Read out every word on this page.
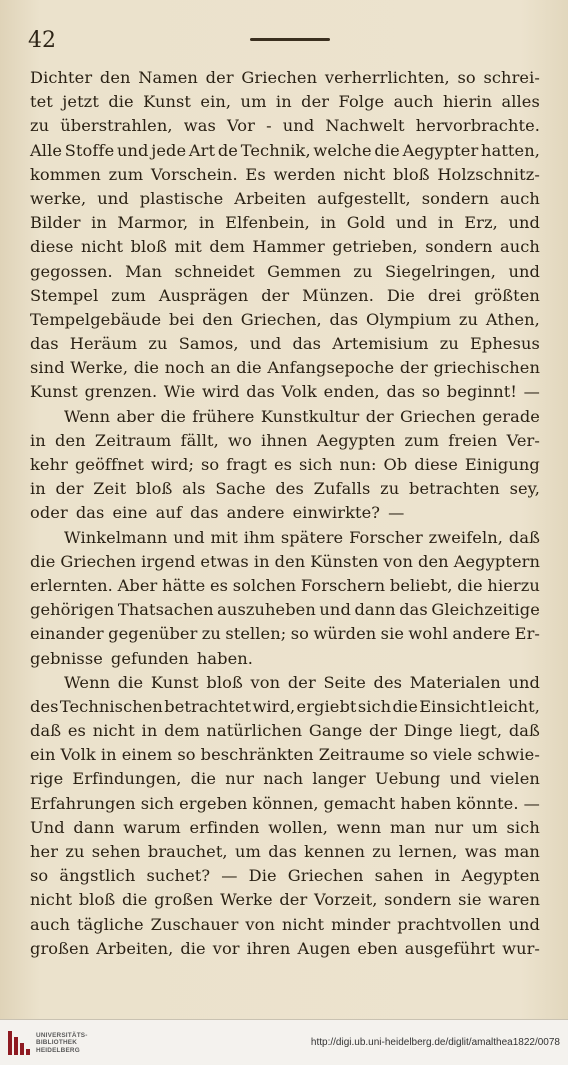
42
Dichter den Namen der Griechen verherrlichten, so schrei-
tet jetzt die Kunst ein, um in der Folge auch hierin alles
zu überstrahlen, was Vor - und Nachwelt hervorbrachte.
Alle Stoffe und jede Art de Technik, welche die Aegypter hatten,
kommen zum Vorschein. Es werden nicht bloß Holzschnitz-
werke, und plastische Arbeiten aufgestellt, sondern auch
Bilder in Marmor, in Elfenbein, in Gold und in Erz, und
diese nicht bloß mit dem Hammer getrieben, sondern auch
gegossen. Man schneidet Gemmen zu Siegelringen, und
Stempel zum Ausprägen der Münzen. Die drei größten
Tempelgebäude bei den Griechen, das Olympium zu Athen,
das Heräum zu Samos, und das Artemisium zu Ephesus
sind Werke, die noch an die Anfangsepoche der griechischen
Kunst grenzen. Wie wird das Volk enden, das so beginnt! —
Wenn aber die frühere Kunstkultur der Griechen gerade
in den Zeitraum fällt, wo ihnen Aegypten zum freien Ver-
kehr geöffnet wird; so fragt es sich nun: Ob diese Einigung
in der Zeit bloß als Sache des Zufalls zu betrachten sey,
oder das eine auf das andere einwirkte? —
Winkelmann und mit ihm spätere Forscher zweifeln, daß
die Griechen irgend etwas in den Künsten von den Aegyptern
erlernten. Aber hätte es solchen Forschern beliebt, die hierzu
gehörigen Thatsachen auszuheben und dann das Gleichzeitige
einander gegenüber zu stellen; so würden sie wohl andere Er-
gebnisse gefunden haben.
Wenn die Kunst bloß von der Seite des Materialen und
des Technischen betrachtet wird, ergiebt sich die Einsicht leicht,
daß es nicht in dem natürlichen Gange der Dinge liegt, daß
ein Volk in einem so beschränkten Zeitraume so viele schwie-
rige Erfindungen, die nur nach langer Uebung und vielen
Erfahrungen sich ergeben können, gemacht haben könnte. —
Und dann warum erfinden wollen, wenn man nur um sich
her zu sehen brauchet, um das kennen zu lernen, was man
so ängstlich suchet? — Die Griechen sahen in Aegypten
nicht bloß die großen Werke der Vorzeit, sondern sie waren
auch tägliche Zuschauer von nicht minder prachtvollen und
großen Arbeiten, die vor ihren Augen eben ausgeführt wur-
UNIVERSITÄTS-
BIBLIOTHEK
HEIDELBERG
http://digi.ub.uni-heidelberg.de/diglit/amalthea1822/0078
